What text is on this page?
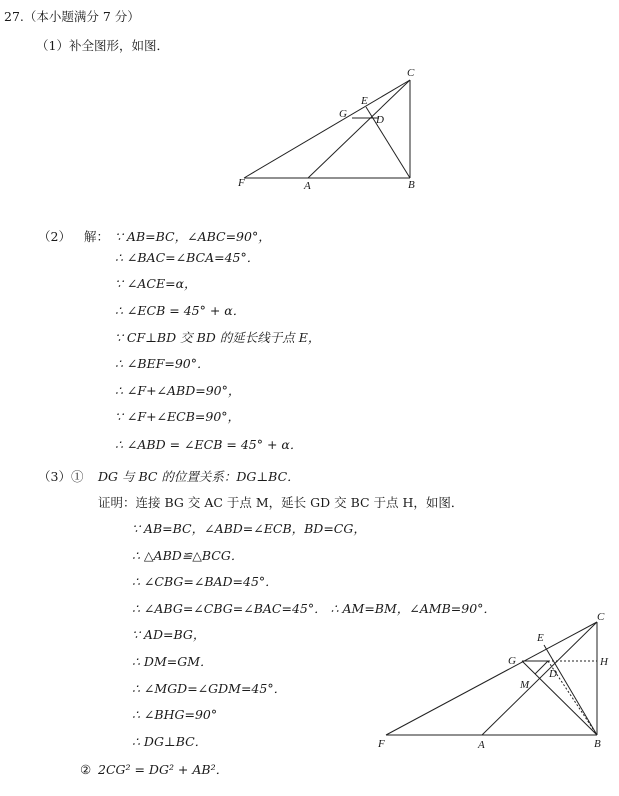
27.（本小题满分 7 分）
（1）补全图形，如图．
C
G
E
D
F	A	B
（2） 解： ∵ AB=BC，∠ABC=90°，
∴ ∠BAC=∠BCA=45°．
∵ ∠ACE=α，
∴ ∠ECB = 45° + α．
∵ CF⊥BD 交 BD 的延长线于点 E，
∴ ∠BEF=90°．
∴ ∠F+∠ABD=90°，
∵ ∠F+∠ECB=90°，
∴ ∠ABD = ∠ECB = 45° + α．
（3）① DG 与 BC 的位置关系：DG⊥BC．
证明：连接 BG 交 AC 于点 M，延长 GD 交 BC 于点 H，如图．
∵ AB=BC，∠ABD=∠ECB，BD=CG，
∴ △ABD≌△BCG．
∴ ∠CBG=∠BAD=45°．
∴ ∠ABG=∠CBG=∠BAC=45°． ∴ AM=BM，∠AMB=90°．
∵ AD=BG，
∴ DM=GM．
∴ ∠MGD=∠GDM=45°．
∴ ∠BHG=90°
∴ DG⊥BC．
② 2CG² = DG² + AB²．
C
E
G	H
M
D
F	A	B
